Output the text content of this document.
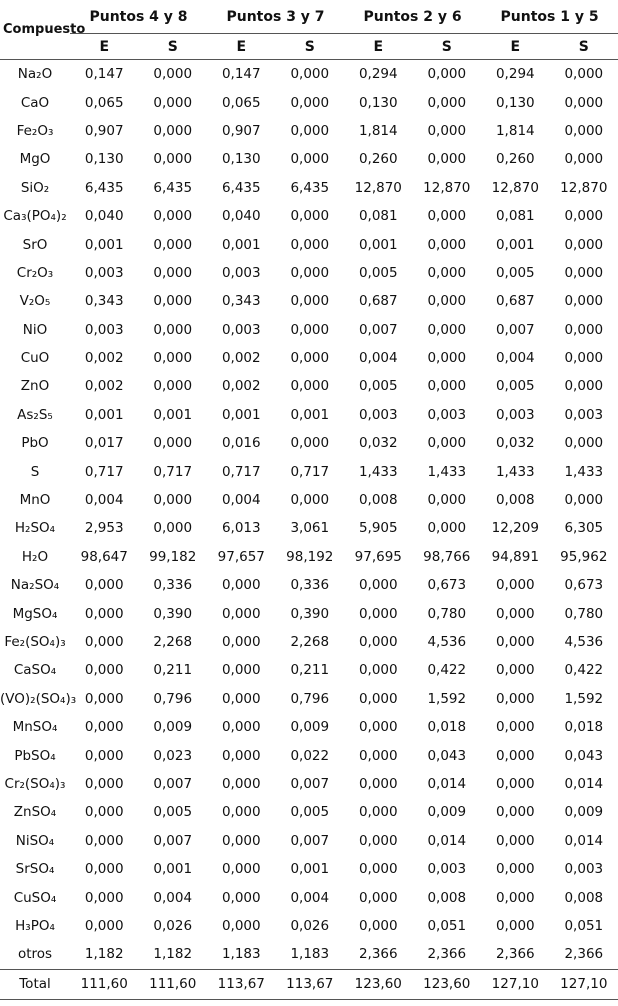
Compuesto	Puntos 4 y 8		Puntos 3 y 7		Puntos 2 y 6		Puntos 1 y 5	
	E	S	E	S	E	S	E	S
Na₂O	0,147	0,000	0,147	0,000	0,294	0,000	0,294	0,000
CaO	0,065	0,000	0,065	0,000	0,130	0,000	0,130	0,000
Fe₂O₃	0,907	0,000	0,907	0,000	1,814	0,000	1,814	0,000
MgO	0,130	0,000	0,130	0,000	0,260	0,000	0,260	0,000
SiO₂	6,435	6,435	6,435	6,435	12,870	12,870	12,870	12,870
Ca₃(PO₄)₂	0,040	0,000	0,040	0,000	0,081	0,000	0,081	0,000
SrO	0,001	0,000	0,001	0,000	0,001	0,000	0,001	0,000
Cr₂O₃	0,003	0,000	0,003	0,000	0,005	0,000	0,005	0,000
V₂O₅	0,343	0,000	0,343	0,000	0,687	0,000	0,687	0,000
NiO	0,003	0,000	0,003	0,000	0,007	0,000	0,007	0,000
CuO	0,002	0,000	0,002	0,000	0,004	0,000	0,004	0,000
ZnO	0,002	0,000	0,002	0,000	0,005	0,000	0,005	0,000
As₂S₅	0,001	0,001	0,001	0,001	0,003	0,003	0,003	0,003
PbO	0,017	0,000	0,016	0,000	0,032	0,000	0,032	0,000
S	0,717	0,717	0,717	0,717	1,433	1,433	1,433	1,433
MnO	0,004	0,000	0,004	0,000	0,008	0,000	0,008	0,000
H₂SO₄	2,953	0,000	6,013	3,061	5,905	0,000	12,209	6,305
H₂O	98,647	99,182	97,657	98,192	97,695	98,766	94,891	95,962
Na₂SO₄	0,000	0,336	0,000	0,336	0,000	0,673	0,000	0,673
MgSO₄	0,000	0,390	0,000	0,390	0,000	0,780	0,000	0,780
Fe₂(SO₄)₃	0,000	2,268	0,000	2,268	0,000	4,536	0,000	4,536
CaSO₄	0,000	0,211	0,000	0,211	0,000	0,422	0,000	0,422
(VO)₂(SO₄)₃	0,000	0,796	0,000	0,796	0,000	1,592	0,000	1,592
MnSO₄	0,000	0,009	0,000	0,009	0,000	0,018	0,000	0,018
PbSO₄	0,000	0,023	0,000	0,022	0,000	0,043	0,000	0,043
Cr₂(SO₄)₃	0,000	0,007	0,000	0,007	0,000	0,014	0,000	0,014
ZnSO₄	0,000	0,005	0,000	0,005	0,000	0,009	0,000	0,009
NiSO₄	0,000	0,007	0,000	0,007	0,000	0,014	0,000	0,014
SrSO₄	0,000	0,001	0,000	0,001	0,000	0,003	0,000	0,003
CuSO₄	0,000	0,004	0,000	0,004	0,000	0,008	0,000	0,008
H₃PO₄	0,000	0,026	0,000	0,026	0,000	0,051	0,000	0,051
otros	1,182	1,182	1,183	1,183	2,366	2,366	2,366	2,366
Total	111,60	111,60	113,67	113,67	123,60	123,60	127,10	127,10
